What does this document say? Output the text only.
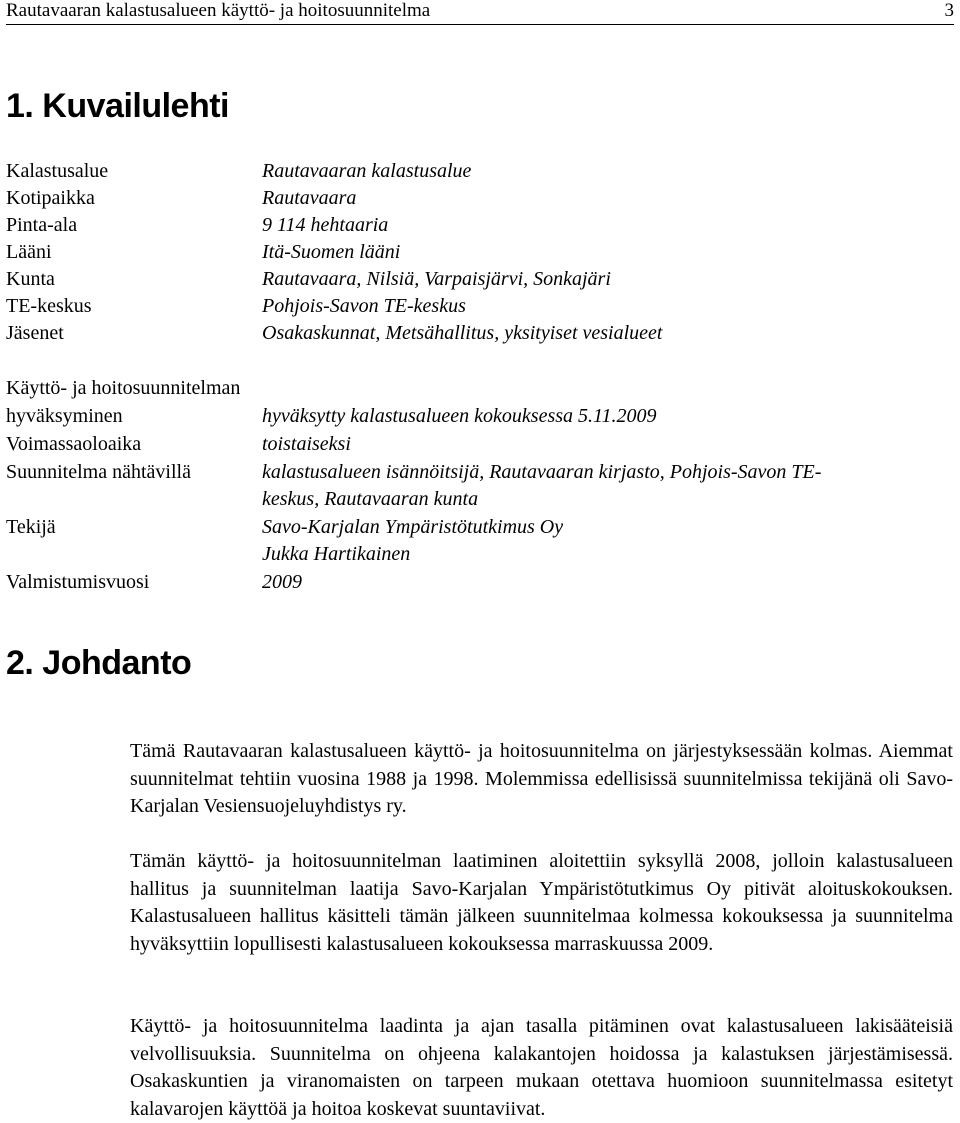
Rautavaaran kalastusalueen käyttö- ja hoitosuunnitelma	3
1. Kuvailulehti
Kalastusalue	Rautavaaran kalastusalue
Kotipaikka	Rautavaara
Pinta-ala	9 114 hehtaaria
Lääni	Itä-Suomen lääni
Kunta	Rautavaara, Nilsiä, Varpaisjärvi, Sonkajäri
TE-keskus	Pohjois-Savon TE-keskus
Jäsenet	Osakaskunnat, Metsähallitus, yksityiset vesialueet
Käyttö- ja hoitosuunnitelman
hyväksyminen	hyväksytty kalastusalueen kokouksessa 5.11.2009
Voimassaoloaika	toistaiseksi
Suunnitelma nähtävillä	kalastusalueen isännöitsijä, Rautavaaran kirjasto, Pohjois-Savon TE-
keskus, Rautavaaran kunta
Tekijä	Savo-Karjalan Ympäristötutkimus Oy
Jukka Hartikainen
Valmistumisvuosi	2009
2. Johdanto

Tämä Rautavaaran kalastusalueen käyttö- ja hoitosuunnitelma on järjestyksessään kolmas. Aiemmat suunnitelmat tehtiin vuosina 1988 ja 1998. Molemmissa edellisissä suunnitelmissa tekijänä oli Savo-Karjalan Vesiensuojeluyhdistys ry.

Tämän käyttö- ja hoitosuunnitelman laatiminen aloitettiin syksyllä 2008, jolloin kalastusalueen hallitus ja suunnitelman laatija Savo-Karjalan Ympäristötutkimus Oy pitivät aloituskokouksen. Kalastusalueen hallitus käsitteli tämän jälkeen suunnitelmaa kolmessa kokouksessa ja suunnitelma hyväksyttiin lopullisesti kalastusalueen kokouksessa marraskuussa 2009.

Käyttö- ja hoitosuunnitelma laadinta ja ajan tasalla pitäminen ovat kalastusalueen lakisääteisiä velvollisuuksia. Suunnitelma on ohjeena kalakantojen hoidossa ja kalastuksen järjestämisessä. Osakaskuntien ja viranomaisten on tarpeen mukaan otettava huomioon suunnitelmassa esitetyt kalavarojen käyttöä ja hoitoa koskevat suuntaviivat.
